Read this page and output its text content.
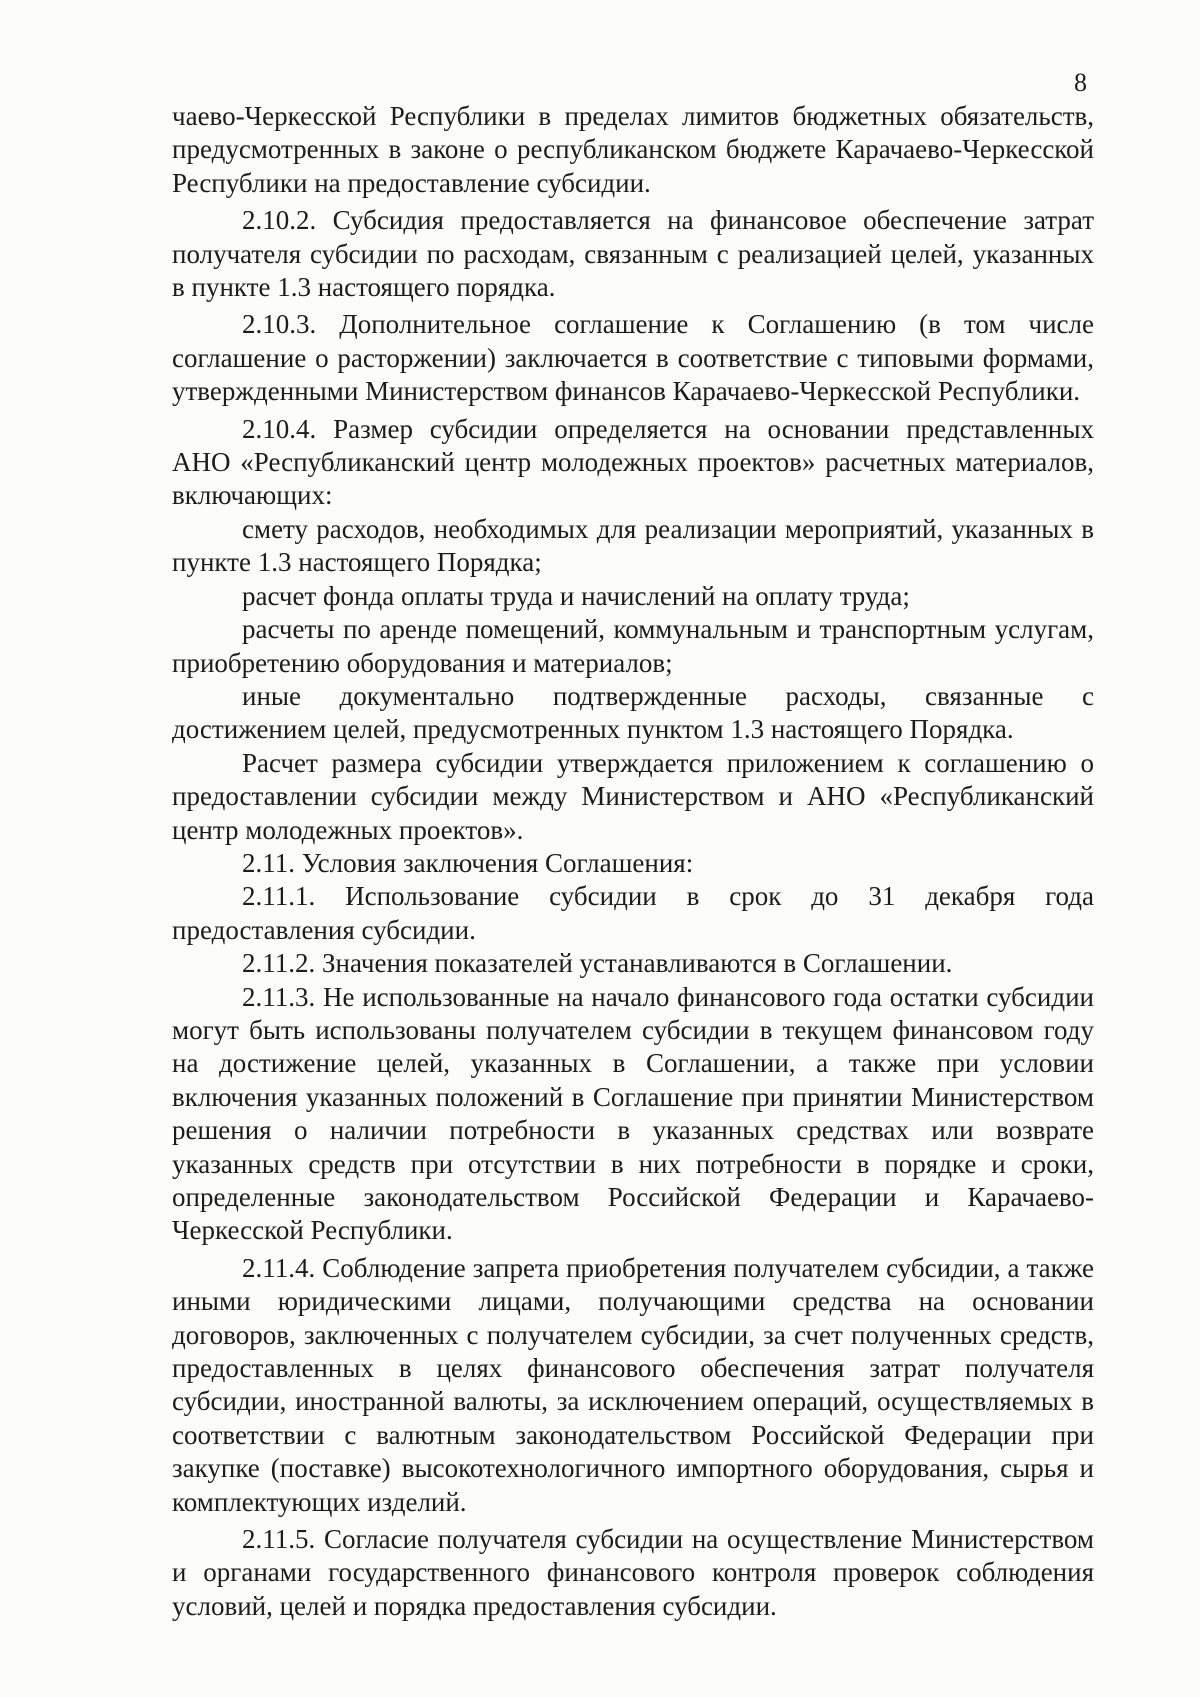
8

чаево-Черкесской Республики в пределах лимитов бюджетных обязательств, предусмотренных в законе о республиканском бюджете Карачаево-Черкесской Республики на предоставление субсидии.

2.10.2. Субсидия предоставляется на финансовое обеспечение затрат получателя субсидии по расходам, связанным с реализацией целей, указанных в пункте 1.3 настоящего порядка.

2.10.3. Дополнительное соглашение к Соглашению (в том числе соглашение о расторжении) заключается в соответствие с типовыми формами, утвержденными Министерством финансов Карачаево-Черкесской Республики.

2.10.4. Размер субсидии определяется на основании представленных АНО «Республиканский центр молодежных проектов» расчетных материалов, включающих:

смету расходов, необходимых для реализации мероприятий, указанных в пункте 1.3 настоящего Порядка;

расчет фонда оплаты труда и начислений на оплату труда;

расчеты по аренде помещений, коммунальным и транспортным услугам, приобретению оборудования и материалов;

иные документально подтвержденные расходы, связанные с достижением целей, предусмотренных пунктом 1.3 настоящего Порядка.

Расчет размера субсидии утверждается приложением к соглашению о предоставлении субсидии между Министерством и АНО «Республиканский центр молодежных проектов».

2.11. Условия заключения Соглашения:

2.11.1. Использование субсидии в срок до 31 декабря года предоставления субсидии.

2.11.2. Значения показателей устанавливаются в Соглашении.

2.11.3. Не использованные на начало финансового года остатки субсидии могут быть использованы получателем субсидии в текущем финансовом году на достижение целей, указанных в Соглашении, а также при условии включения указанных положений в Соглашение при принятии Министерством решения о наличии потребности в указанных средствах или возврате указанных средств при отсутствии в них потребности в порядке и сроки, определенные законодательством Российской Федерации и Карачаево-Черкесской Республики.

2.11.4. Соблюдение запрета приобретения получателем субсидии, а также иными юридическими лицами, получающими средства на основании договоров, заключенных с получателем субсидии, за счет полученных средств, предоставленных в целях финансового обеспечения затрат получателя субсидии, иностранной валюты, за исключением операций, осуществляемых в соответствии с валютным законодательством Российской Федерации при закупке (поставке) высокотехнологичного импортного оборудования, сырья и комплектующих изделий.

2.11.5. Согласие получателя субсидии на осуществление Министерством и органами государственного финансового контроля проверок соблюдения условий, целей и порядка предоставления субсидии.
